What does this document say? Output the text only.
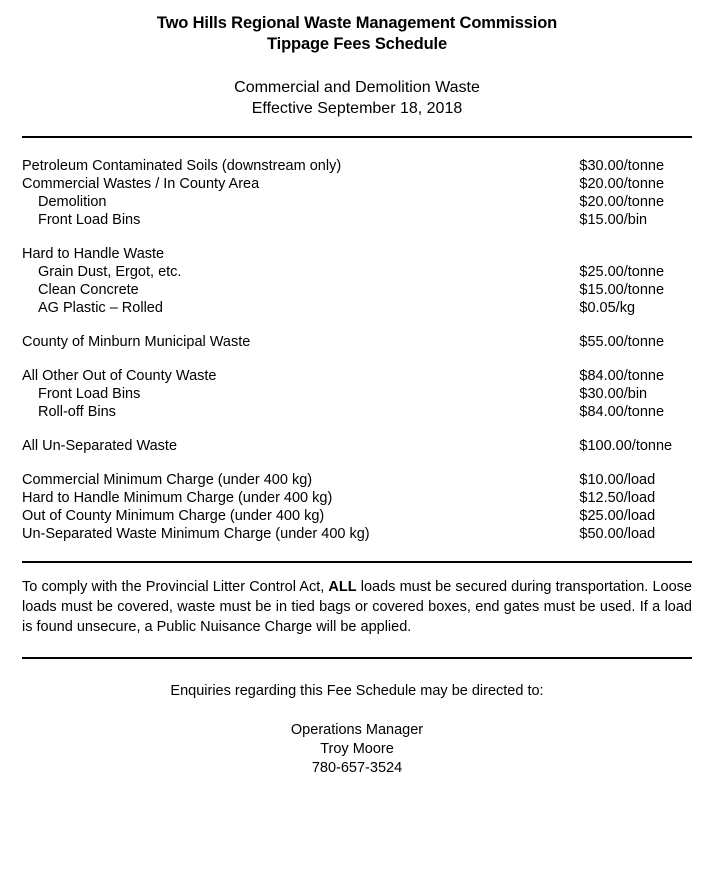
Two Hills Regional Waste Management Commission
Tippage Fees Schedule
Commercial and Demolition Waste
Effective September 18, 2018
Petroleum Contaminated Soils (downstream only)	$30.00/tonne
Commercial Wastes / In County Area	$20.00/tonne
Demolition	$20.00/tonne
Front Load Bins	$15.00/bin

Hard to Handle Waste	
Grain Dust, Ergot, etc.	$25.00/tonne
Clean Concrete	$15.00/tonne
AG Plastic – Rolled	$0.05/kg

County of Minburn Municipal Waste	$55.00/tonne

All Other Out of County Waste	$84.00/tonne
Front Load Bins	$30.00/bin
Roll-off Bins	$84.00/tonne

All Un-Separated Waste	$100.00/tonne

Commercial Minimum Charge (under 400 kg)	$10.00/load
Hard to Handle Minimum Charge (under 400 kg)	$12.50/load
Out of County Minimum Charge (under 400 kg)	$25.00/load
Un-Separated Waste Minimum Charge (under 400 kg)	$50.00/load

To comply with the Provincial Litter Control Act, ALL loads must be secured during transportation. Loose loads must be covered, waste must be in tied bags or covered boxes, end gates must be used. If a load is found unsecure, a Public Nuisance Charge will be applied.

Enquiries regarding this Fee Schedule may be directed to:
Operations Manager
Troy Moore
780-657-3524
